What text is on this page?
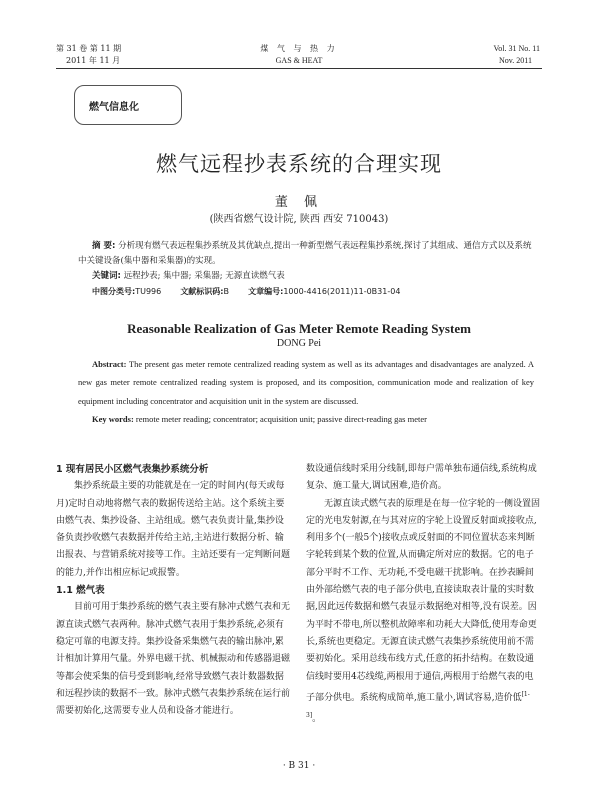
第 31 卷 第 11 期
2011 年 11 月
煤 气 与 热 力
GAS & HEAT
Vol. 31 No. 11
Nov. 2011
燃气信息化
燃气远程抄表系统的合理实现
董 佩
(陕西省燃气设计院, 陕西 西安 710043)
摘 要: 分析现有燃气表远程集抄系统及其优缺点,提出一种新型燃气表远程集抄系统,探讨了其组成、通信方式以及系统中关键设备(集中器和采集器)的实现。
关键词: 远程抄表; 集中器; 采集器; 无源直读燃气表
中图分类号:TU996 文献标识码:B 文章编号:1000-4416(2011)11-0B31-04
Reasonable Realization of Gas Meter Remote Reading System
DONG Pei
Abstract: The present gas meter remote centralized reading system as well as its advantages and disadvantages are analyzed. A new gas meter remote centralized reading system is proposed, and its composition, communication mode and realization of key equipment including concentrator and acquisition unit in the system are discussed.
Key words: remote meter reading; concentrator; acquisition unit; passive direct-reading gas meter
1 现有居民小区燃气表集抄系统分析

集抄系统最主要的功能就是在一定的时间内(每天或每月)定时自动地将燃气表的数据传送给主站。这个系统主要由燃气表、集抄设备、主站组成。燃气表负责计量,集抄设备负责抄收燃气表数据并传给主站,主站进行数据分析、输出报表、与营销系统对接等工作。主站还要有一定判断问题的能力,并作出相应标记或报警。

1.1 燃气表

目前可用于集抄系统的燃气表主要有脉冲式燃气表和无源直读式燃气表两种。脉冲式燃气表用于集抄系统,必须有稳定可靠的电源支持。集抄设备采集燃气表的输出脉冲,累计相加计算用气量。外界电磁干扰、机械振动和传感器退磁等都会使采集的信号受到影响,经常导致燃气表计数器数据和远程抄读的数据不一致。脉冲式燃气表集抄系统在运行前需要初始化,这需要专业人员和设备才能进行。

数设通信线时采用分线制,即每户需单独布通信线,系统构成复杂、施工量大,调试困难,造价高。

无源直读式燃气表的原理是在每一位字轮的一侧设置固定的光电发射源,在与其对应的字轮上设置反射面或接收点,利用多个(一般5个)接收点或反射面的不同位置状态来判断字轮转到某个数的位置,从而确定所对应的数据。它的电子部分平时不工作、无功耗,不受电磁干扰影响。在抄表瞬间由外部给燃气表的电子部分供电,直接读取表计量的实时数据,因此远传数据和燃气表显示数据绝对相等,没有误差。因为平时不带电,所以整机故障率和功耗大大降低,使用寿命更长,系统也更稳定。无源直读式燃气表集抄系统使用前不需要初始化。采用总线布线方式,任意的拓扑结构。在数设通信线时要用4芯线缆,两根用于通信,两根用于给燃气表的电子部分供电。系统构成简单,施工量小,调试容易,造价低[1-3]。

· B 31 ·
